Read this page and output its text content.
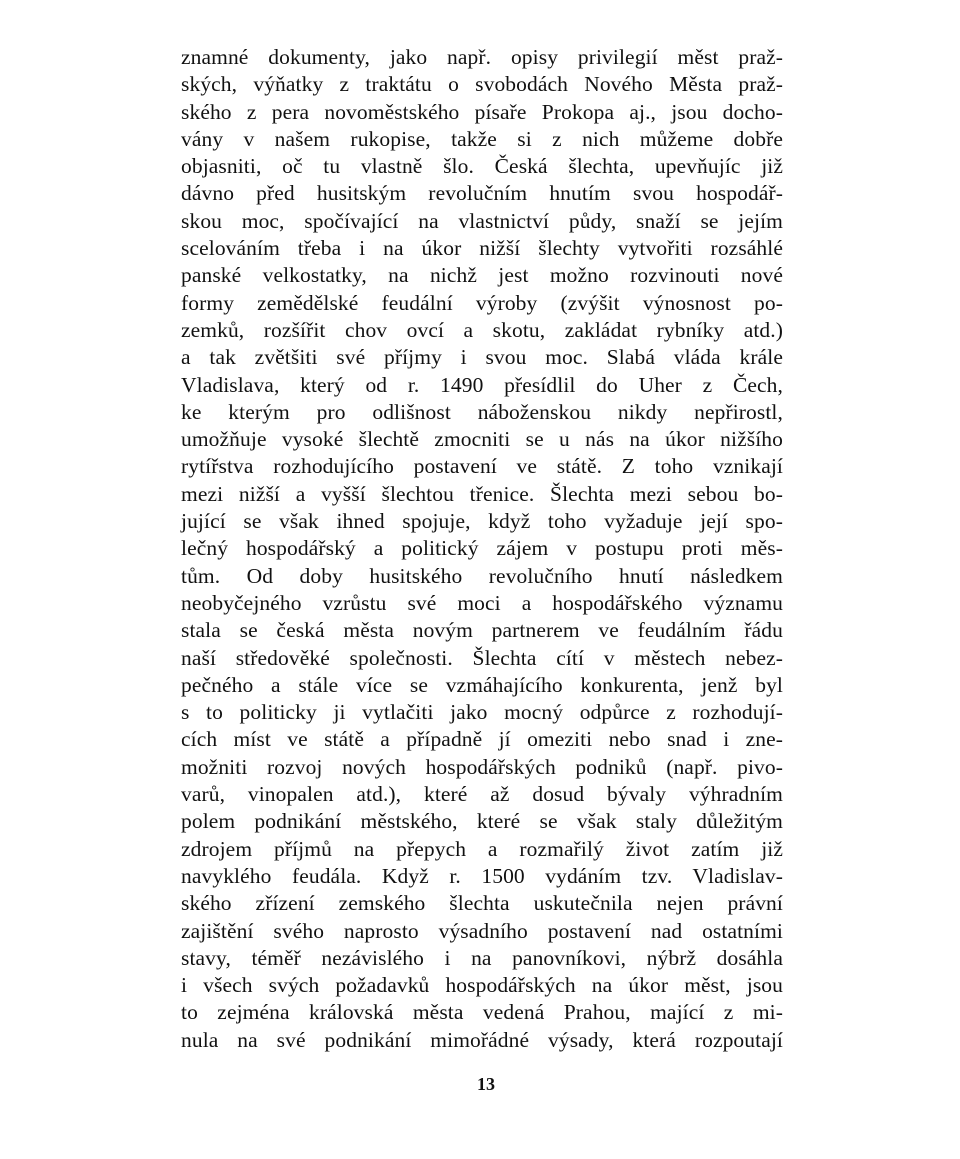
znamné dokumenty, jako např. opisy privilegií měst praž-
ských, výňatky z traktátu o svobodách Nového Města praž-
ského z pera novoměstského písaře Prokopa aj., jsou docho-
vány v našem rukopise, takže si z nich můžeme dobře
objasniti, oč tu vlastně šlo. Česká šlechta, upevňujíc již
dávno před husitským revolučním hnutím svou hospodář-
skou moc, spočívající na vlastnictví půdy, snaží se jejím
scelováním třeba i na úkor nižší šlechty vytvořiti rozsáhlé
panské velkostatky, na nichž jest možno rozvinouti nové
formy zemědělské feudální výroby (zvýšit výnosnost po-
zemků, rozšířit chov ovcí a skotu, zakládat rybníky atd.)
a tak zvětšiti své příjmy i svou moc. Slabá vláda krále
Vladislava, který od r. 1490 přesídlil do Uher z Čech,
ke kterým pro odlišnost náboženskou nikdy nepřirostl,
umožňuje vysoké šlechtě zmocniti se u nás na úkor nižšího
rytířstva rozhodujícího postavení ve státě. Z toho vznikají
mezi nižší a vyšší šlechtou třenice. Šlechta mezi sebou bo-
jující se však ihned spojuje, když toho vyžaduje její spo-
lečný hospodářský a politický zájem v postupu proti měs-
tům. Od doby husitského revolučního hnutí následkem
neobyčejného vzrůstu své moci a hospodářského významu
stala se česká města novým partnerem ve feudálním řádu
naší středověké společnosti. Šlechta cítí v městech nebez-
pečného a stále více se vzmáhajícího konkurenta, jenž byl
s to politicky ji vytlačiti jako mocný odpůrce z rozhodují-
cích míst ve státě a případně jí omeziti nebo snad i zne-
možniti rozvoj nových hospodářských podniků (např. pivo-
varů, vinopalen atd.), které až dosud bývaly výhradním
polem podnikání městského, které se však staly důležitým
zdrojem příjmů na přepych a rozmařilý život zatím již
navyklého feudála. Když r. 1500 vydáním tzv. Vladislav-
ského zřízení zemského šlechta uskutečnila nejen právní
zajištění svého naprosto výsadního postavení nad ostatními
stavy, téměř nezávislého i na panovníkovi, nýbrž dosáhla
i všech svých požadavků hospodářských na úkor měst, jsou
to zejména královská města vedená Prahou, mající z mi-
nula na své podnikání mimořádné výsady, která rozpoutají
13
